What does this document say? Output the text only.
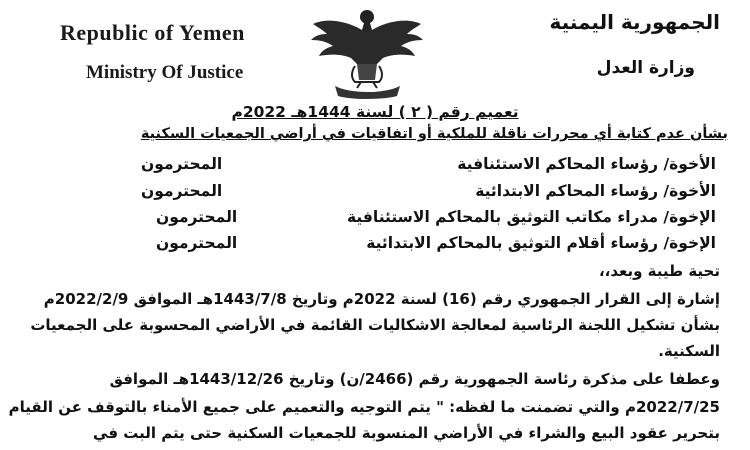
Republic of Yemen
Ministry Of Justice
الجمهورية اليمنية
وزارة العدل
تعميم رقم ( ٢ ) لسنة 1444هـ 2022م
بشأن عدم كتابة أي محررات ناقلة للملكية أو اتفاقيات في أراضي الجمعيات السكنية
الأخوة/ رؤساء المحاكم الاستئنافية
المحترمون
الأخوة/ رؤساء المحاكم الابتدائية
المحترمون
الإخوة/ مدراء مكاتب التوثيق بالمحاكم الاستئنافية
المحترمون
الإخوة/ رؤساء أقلام التوثيق بالمحاكم الابتدائية
المحترمون
تحية طيبة وبعد،،
إشارة إلى القرار الجمهوري رقم (16) لسنة 2022م وتاريخ 1443/7/8هـ الموافق 2022/2/9م
بشأن تشكيل اللجنة الرئاسية لمعالجة الاشكاليات القائمة في الأراضي المحسوبة على الجمعيات
السكنية.
وعطفا على مذكرة رئاسة الجمهورية رقم (2466/ن) وتاريخ 1443/12/26هـ الموافق
2022/7/25م والتي تضمنت ما لفظه: " يتم التوجيه والتعميم على جميع الأمناء بالتوقف عن القيام
بتحرير عقود البيع والشراء في الأراضي المنسوبة للجمعيات السكنية حتى يتم البت في
